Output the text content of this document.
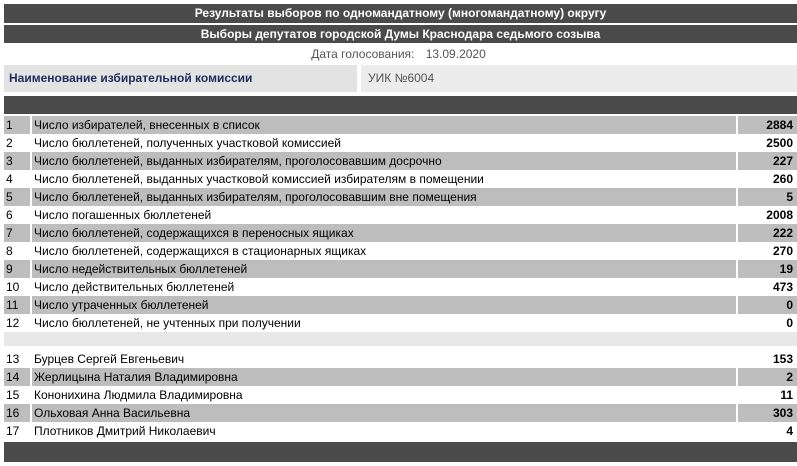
Результаты выборов по одномандатному (многомандатному) округу
Выборы депутатов городской Думы Краснодара седьмого созыва
Дата голосования: 13.09.2020
Наименование избирательной комиссии	УИК №6004
1	Число избирателей, внесенных в список	2884
2	Число бюллетеней, полученных участковой комиссией	2500
3	Число бюллетеней, выданных избирателям, проголосовавшим досрочно	227
4	Число бюллетеней, выданных участковой комиссией избирателям в помещении	260
5	Число бюллетеней, выданных избирателям, проголосовавшим вне помещения	5
6	Число погашенных бюллетеней	2008
7	Число бюллетеней, содержащихся в переносных ящиках	222
8	Число бюллетеней, содержащихся в стационарных ящиках	270
9	Число недействительных бюллетеней	19
10	Число действительных бюллетеней	473
11	Число утраченных бюллетеней	0
12	Число бюллетеней, не учтенных при получении	0
13	Бурцев Сергей Евгеньевич	153
14	Жерлицына Наталия Владимировна	2
15	Кононихина Людмила Владимировна	11
16	Ольховая Анна Васильевна	303
17	Плотников Дмитрий Николаевич	4
